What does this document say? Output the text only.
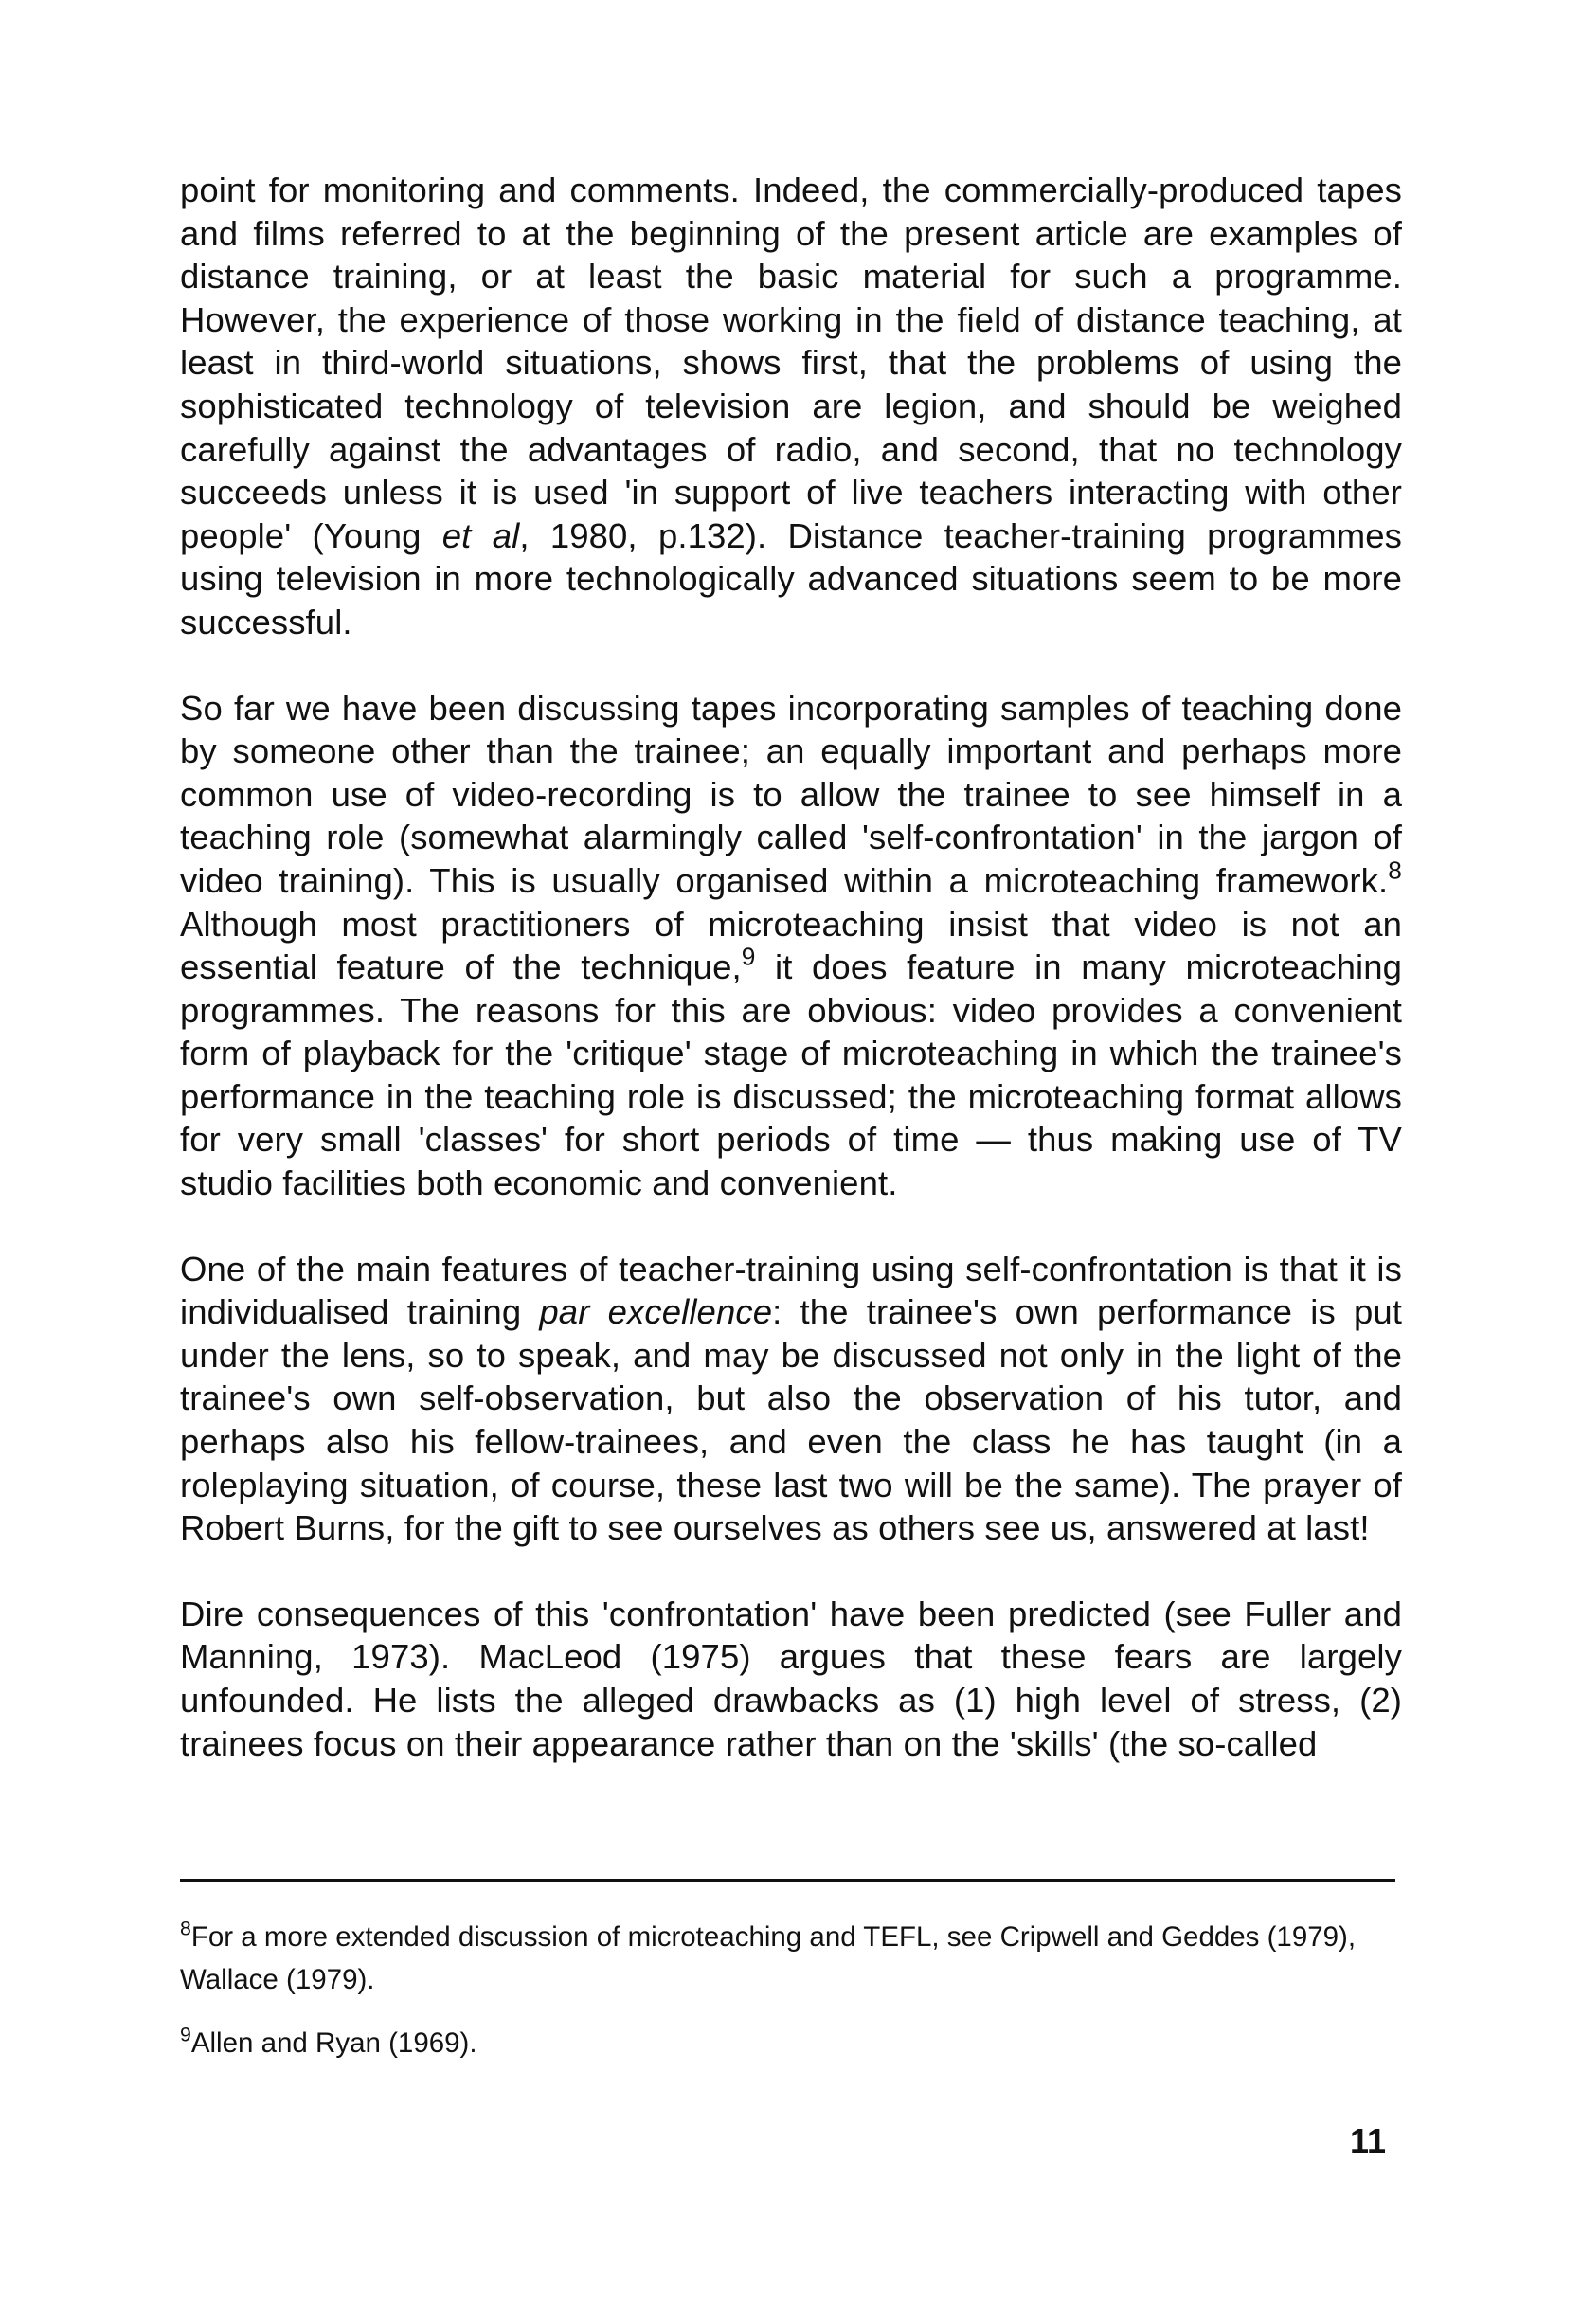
point for monitoring and comments. Indeed, the commercially-produced tapes and films referred to at the beginning of the present article are examples of distance training, or at least the basic material for such a programme. However, the experience of those working in the field of distance teaching, at least in third-world situations, shows first, that the problems of using the sophisticated technology of television are legion, and should be weighed carefully against the advantages of radio, and second, that no technology succeeds unless it is used 'in support of live teachers interacting with other people' (Young et al, 1980, p.132). Distance teacher-training programmes using television in more technologically advanced situations seem to be more successful.

So far we have been discussing tapes incorporating samples of teaching done by someone other than the trainee; an equally important and perhaps more common use of video-recording is to allow the trainee to see himself in a teaching role (somewhat alarmingly called 'self-confrontation' in the jargon of video training). This is usually organised within a microteaching framework.$^8$ Although most practitioners of microteaching insist that video is not an essential feature of the technique,$^9$ it does feature in many microteaching programmes. The reasons for this are obvious: video provides a convenient form of playback for the 'critique' stage of microteaching in which the trainee's performance in the teaching role is discussed; the microteaching format allows for very small 'classes' for short periods of time — thus making use of TV studio facilities both economic and convenient.

One of the main features of teacher-training using self-confrontation is that it is individualised training par excellence: the trainee's own performance is put under the lens, so to speak, and may be discussed not only in the light of the trainee's own self-observation, but also the observation of his tutor, and perhaps also his fellow-trainees, and even the class he has taught (in a roleplaying situation, of course, these last two will be the same). The prayer of Robert Burns, for the gift to see ourselves as others see us, answered at last!

Dire consequences of this 'confrontation' have been predicted (see Fuller and Manning, 1973). MacLeod (1975) argues that these fears are largely unfounded. He lists the alleged drawbacks as (1) high level of stress, (2) trainees focus on their appearance rather than on the 'skills' (the so-called

$^8$For a more extended discussion of microteaching and TEFL, see Cripwell and Geddes (1979), Wallace (1979).

$^9$Allen and Ryan (1969).

11
